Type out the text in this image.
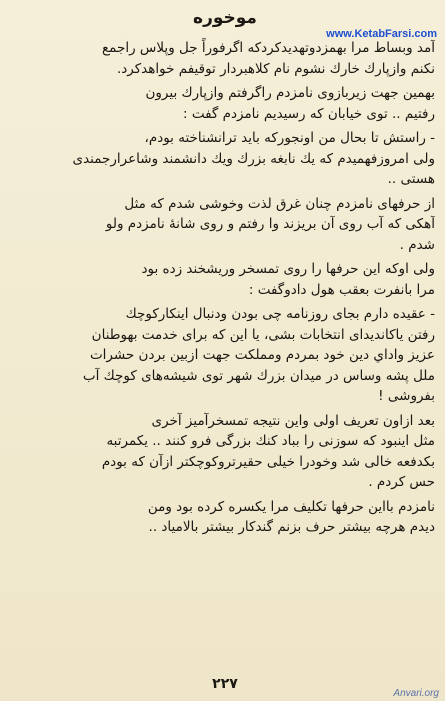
موخوره
www.KetabFarsi.com
آمد وبساط مرا بهمزدوتهدیدکردکه اگرفوراً جل وپلاس راجمع
نکنم وازپارك خارك نشوم نام كلاهبردار توقيفم خواهدكرد.
بهمین جهت زیربازوی نامزدم راگرفتم وازپارك بیرون
رفتیم .. توی خیابان که رسیدیم نامزدم گفت :
- راستش تا بحال من اونجوركه باید ترانشناخته بودم،
ولی امروزفهمیدم که یك نابغه بزرك ویك دانشمند وشاعرارجمندی
هستی ..
از حرفهای نامزدم چنان غرق لذت وخوشی شدم که مثل
آهکی که آب روی آن بریزند وا رفتم و روی شانهٔ نامزدم ولو
شدم .
ولی اوکه این حرفها را روی تمسخر وریشخند زده بود
مرا بانفرت بعقب هول دادوگفت :
- عقیده دارم بجای روزنامه چی بودن ودنبال اینکارکوچك
رفتن یاکاندیدای انتخابات بشی، یا این که برای خدمت بهوطنان
عزیز واداي دین خود بمردم ومملکت جهت ازبین بردن حشرات
ملل پشه وساس در میدان بزرك شهر توی شیشه‌های کوچك آب
بفروشی !
بعد ازاون تعریف اولی واین نتیجه تمسخرآمیز آخری
مثل اینبود که سوزنی را بباد کنك بزرگی فرو کنند .. یکمرتبه
بکدفعه خالی شد وخودرا خیلی حقیرتروکوچکتر ازآن که بودم
حس کردم .
نامزدم بااین حرفها تکلیف مرا یکسره کرده بود ومن
دیدم هرچه بیشتر حرف بزنم گندکار بیشتر بالامیاد ..
۲۲۷
Anvari.org
